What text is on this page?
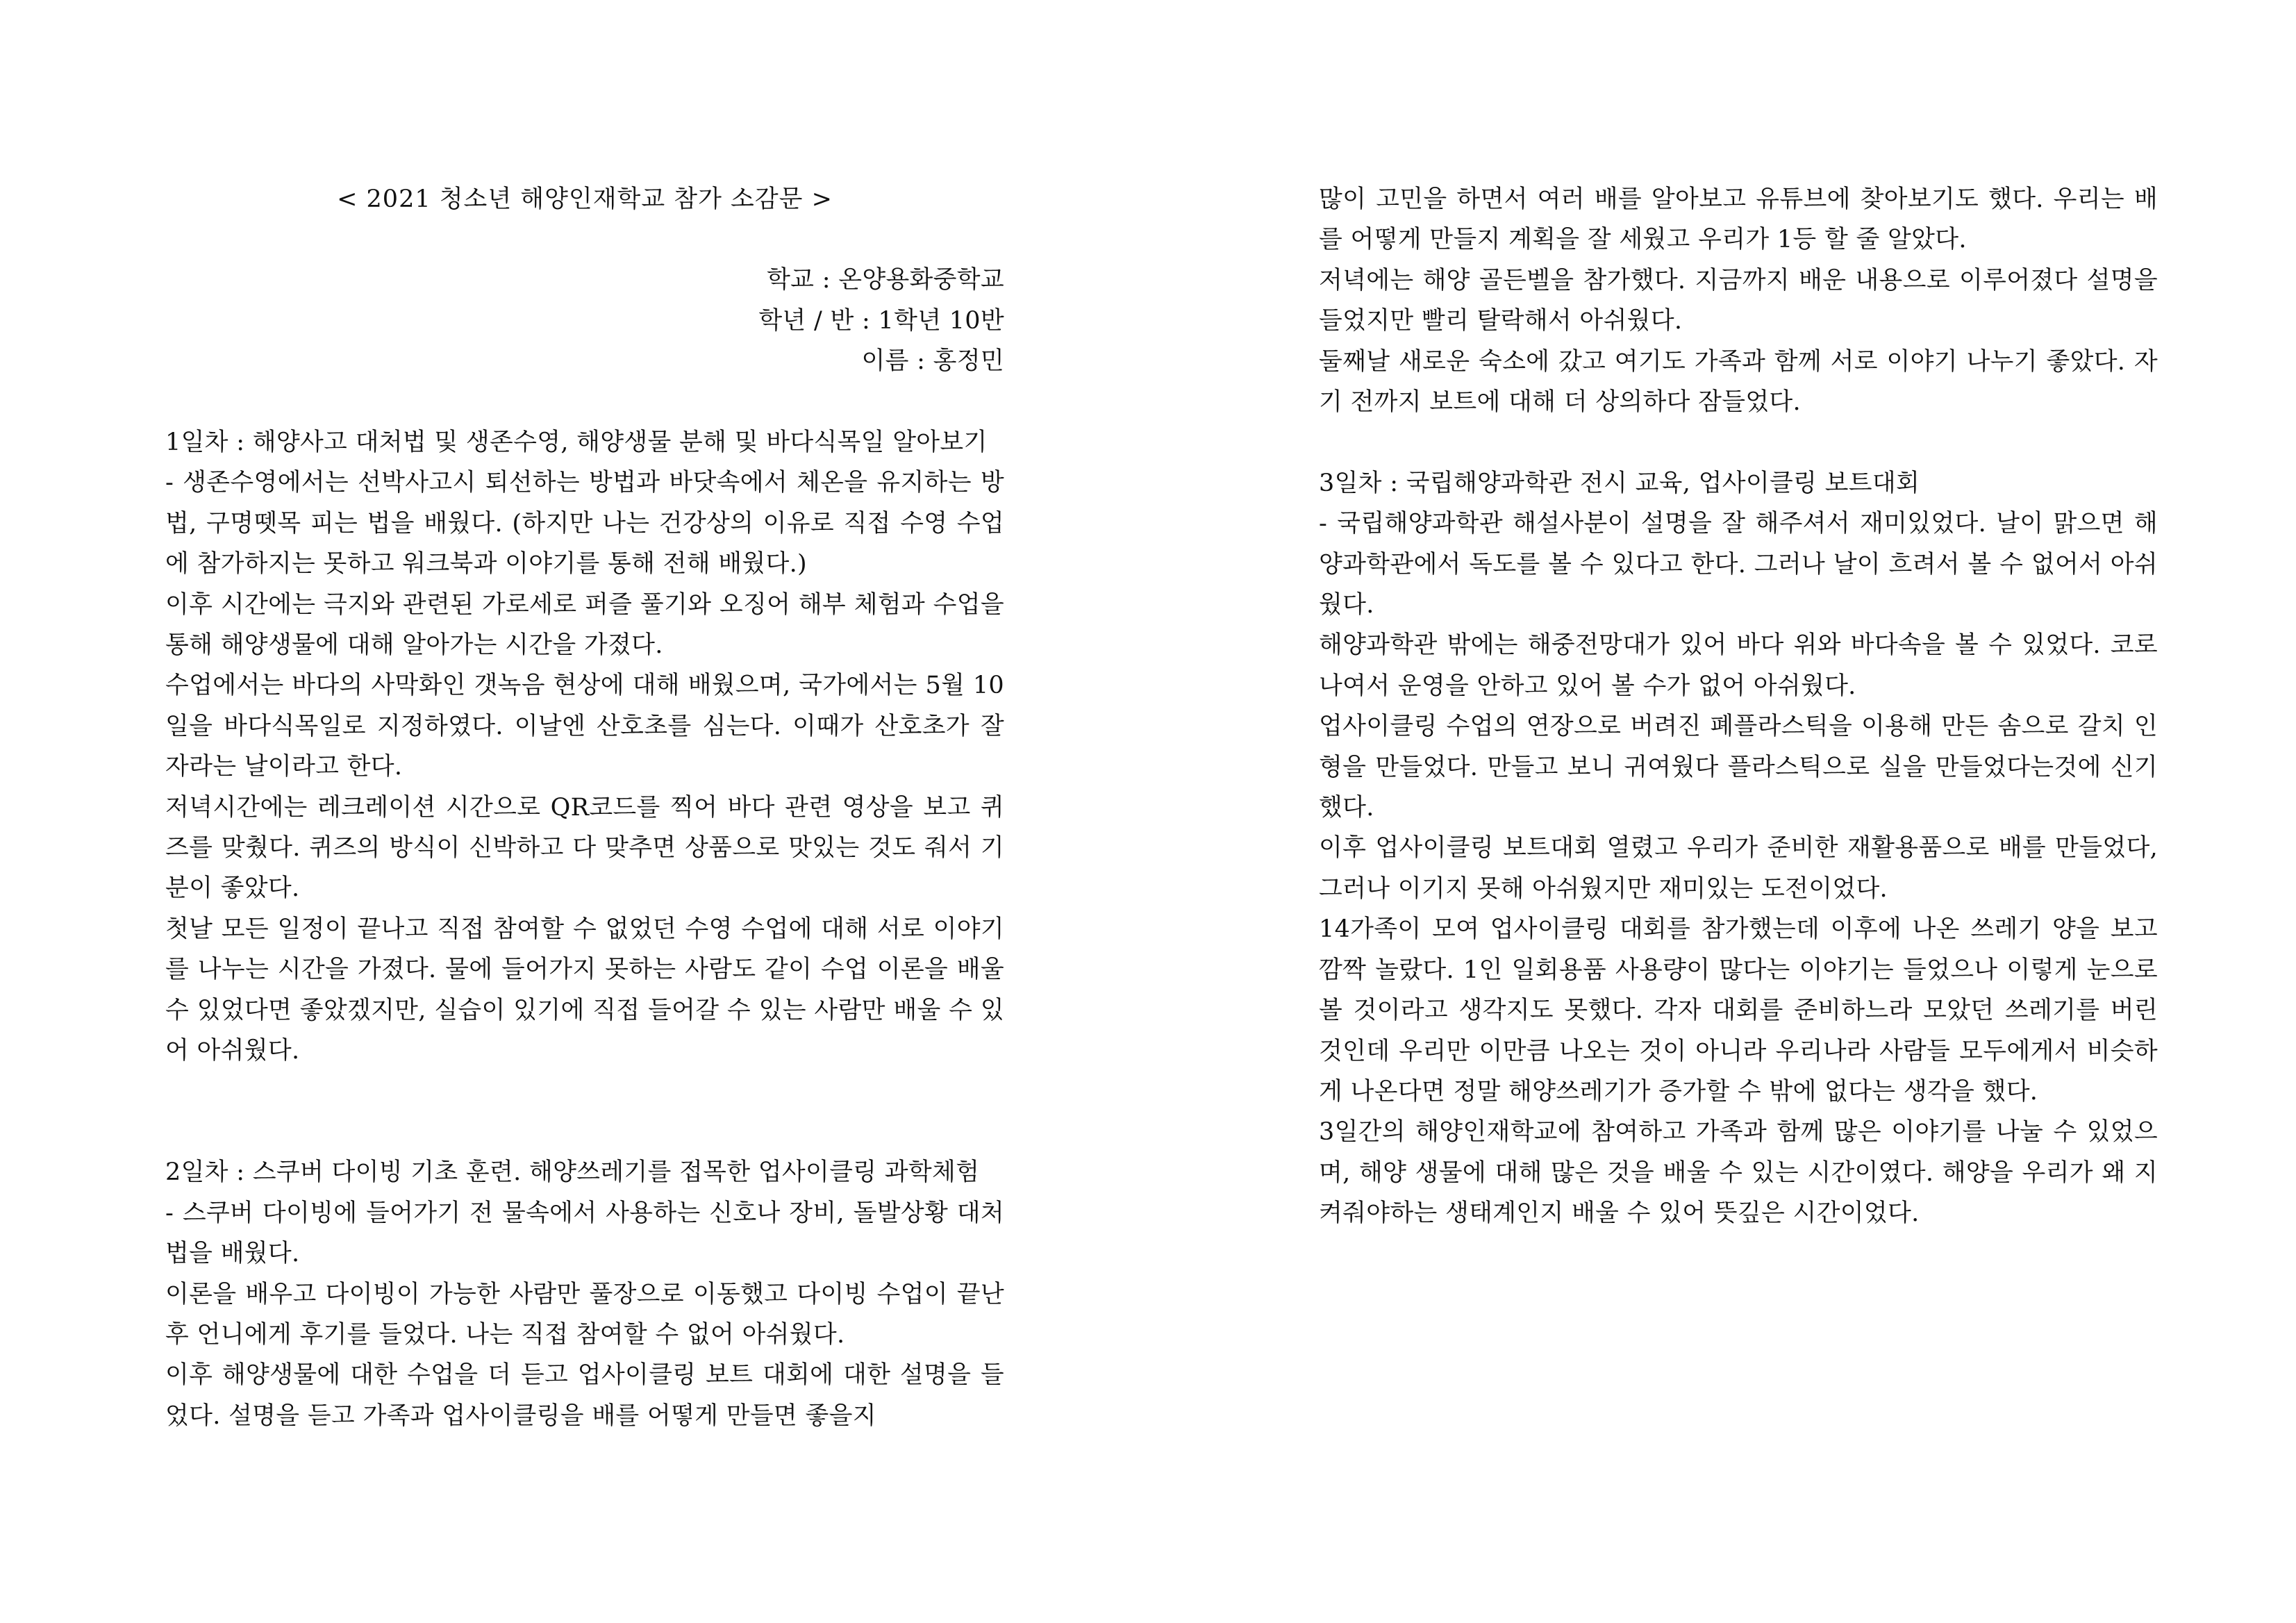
< 2021 청소년 해양인재학교 참가 소감문 >
학교 : 온양용화중학교
학년 / 반 : 1학년 10반
이름 : 홍정민

1일차 : 해양사고 대처법 및 생존수영, 해양생물 분해 및 바다식목일 알아보기

- 생존수영에서는 선박사고시 퇴선하는 방법과 바닷속에서 체온을 유지하는 방법, 구명뗏목 피는 법을 배웠다. (하지만 나는 건강상의 이유로 직접 수영 수업에 참가하지는 못하고 워크북과 이야기를 통해 전해 배웠다.)

이후 시간에는 극지와 관련된 가로세로 퍼즐 풀기와 오징어 해부 체험과 수업을 통해 해양생물에 대해 알아가는 시간을 가졌다.

수업에서는 바다의 사막화인 갯녹음 현상에 대해 배웠으며, 국가에서는 5월 10일을 바다식목일로 지정하였다. 이날엔 산호초를 심는다. 이때가 산호초가 잘 자라는 날이라고 한다.

저녁시간에는 레크레이션 시간으로 QR코드를 찍어 바다 관련 영상을 보고 퀴즈를 맞췄다. 퀴즈의 방식이 신박하고 다 맞추면 상품으로 맛있는 것도 줘서 기분이 좋았다.

첫날 모든 일정이 끝나고 직접 참여할 수 없었던 수영 수업에 대해 서로 이야기를 나누는 시간을 가졌다. 물에 들어가지 못하는 사람도 같이 수업 이론을 배울 수 있었다면 좋았겠지만, 실습이 있기에 직접 들어갈 수 있는 사람만 배울 수 있어 아쉬웠다.

2일차 : 스쿠버 다이빙 기초 훈련. 해양쓰레기를 접목한 업사이클링 과학체험

- 스쿠버 다이빙에 들어가기 전 물속에서 사용하는 신호나 장비, 돌발상황 대처법을 배웠다.

이론을 배우고 다이빙이 가능한 사람만 풀장으로 이동했고 다이빙 수업이 끝난 후 언니에게 후기를 들었다. 나는 직접 참여할 수 없어 아쉬웠다.

이후 해양생물에 대한 수업을 더 듣고 업사이클링 보트 대회에 대한 설명을 들었다. 설명을 듣고 가족과 업사이클링을 배를 어떻게 만들면 좋을지

많이 고민을 하면서 여러 배를 알아보고 유튜브에 찾아보기도 했다. 우리는 배를 어떻게 만들지 계획을 잘 세웠고 우리가 1등 할 줄 알았다.

저녁에는 해양 골든벨을 참가했다. 지금까지 배운 내용으로 이루어졌다 설명을 들었지만 빨리 탈락해서 아쉬웠다.

둘째날 새로운 숙소에 갔고 여기도 가족과 함께 서로 이야기 나누기 좋았다. 자기 전까지 보트에 대해 더 상의하다 잠들었다.

3일차 : 국립해양과학관 전시 교육, 업사이클링 보트대회

- 국립해양과학관 해설사분이 설명을 잘 해주셔서 재미있었다. 날이 맑으면 해양과학관에서 독도를 볼 수 있다고 한다. 그러나 날이 흐려서 볼 수 없어서 아쉬웠다.

해양과학관 밖에는 해중전망대가 있어 바다 위와 바다속을 볼 수 있었다. 코로나여서 운영을 안하고 있어 볼 수가 없어 아쉬웠다.

업사이클링 수업의 연장으로 버려진 폐플라스틱을 이용해 만든 솜으로 갈치 인형을 만들었다. 만들고 보니 귀여웠다 플라스틱으로 실을 만들었다는것에 신기했다.

이후 업사이클링 보트대회 열렸고 우리가 준비한 재활용품으로 배를 만들었다, 그러나 이기지 못해 아쉬웠지만 재미있는 도전이었다.

14가족이 모여 업사이클링 대회를 참가했는데 이후에 나온 쓰레기 양을 보고 깜짝 놀랐다. 1인 일회용품 사용량이 많다는 이야기는 들었으나 이렇게 눈으로 볼 것이라고 생각지도 못했다. 각자 대회를 준비하느라 모았던 쓰레기를 버린 것인데 우리만 이만큼 나오는 것이 아니라 우리나라 사람들 모두에게서 비슷하게 나온다면 정말 해양쓰레기가 증가할 수 밖에 없다는 생각을 했다.

3일간의 해양인재학교에 참여하고 가족과 함께 많은 이야기를 나눌 수 있었으며, 해양 생물에 대해 많은 것을 배울 수 있는 시간이였다. 해양을 우리가 왜 지켜줘야하는 생태계인지 배울 수 있어 뜻깊은 시간이었다.
